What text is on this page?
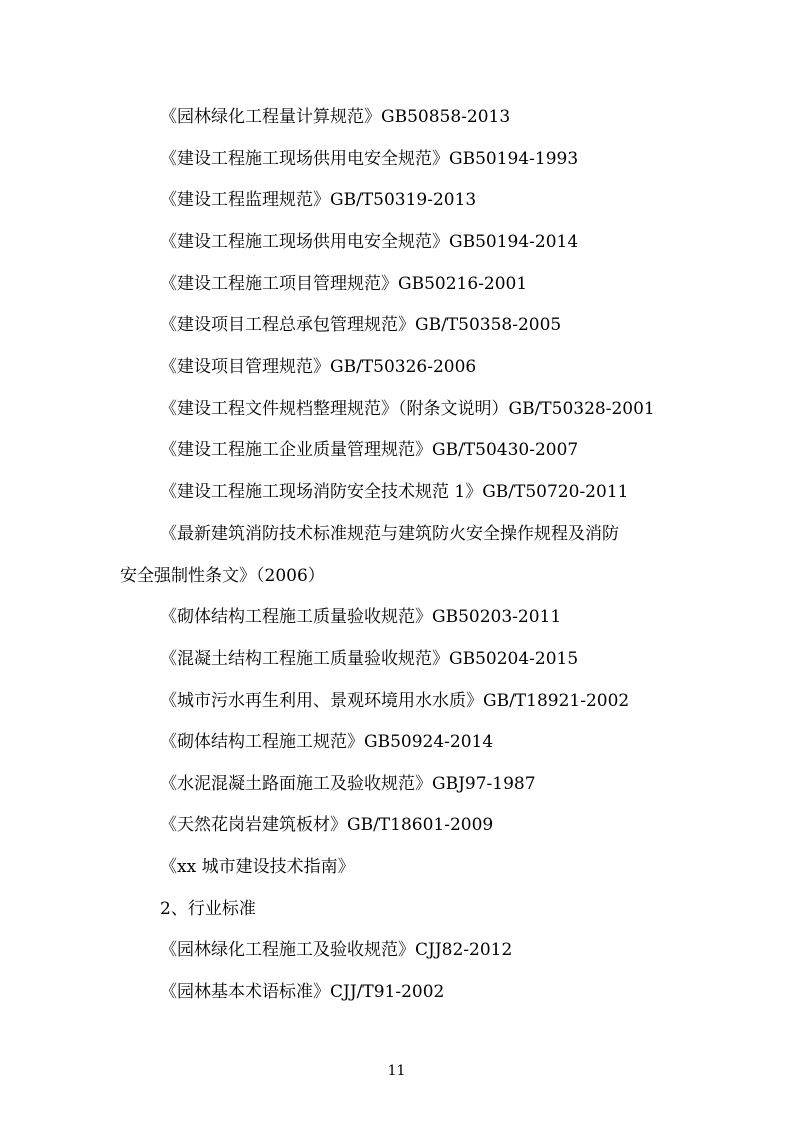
《园林绿化工程量计算规范》GB50858-2013
《建设工程施工现场供用电安全规范》GB50194-1993
《建设工程监理规范》GB/T50319-2013
《建设工程施工现场供用电安全规范》GB50194-2014
《建设工程施工项目管理规范》GB50216-2001
《建设项目工程总承包管理规范》GB/T50358-2005
《建设项目管理规范》GB/T50326-2006
《建设工程文件规档整理规范》（附条文说明）GB/T50328-2001
《建设工程施工企业质量管理规范》GB/T50430-2007
《建设工程施工现场消防安全技术规范 1》GB/T50720-2011
《最新建筑消防技术标准规范与建筑防火安全操作规程及消防
安全强制性条文》（2006）
《砌体结构工程施工质量验收规范》GB50203-2011
《混凝土结构工程施工质量验收规范》GB50204-2015
《城市污水再生利用、景观环境用水水质》GB/T18921-2002
《砌体结构工程施工规范》GB50924-2014
《水泥混凝土路面施工及验收规范》GBJ97-1987
《天然花岗岩建筑板材》GB/T18601-2009
《xx 城市建设技术指南》
2、行业标准
《园林绿化工程施工及验收规范》CJJ82-2012
《园林基本术语标准》CJJ/T91-2002
11
